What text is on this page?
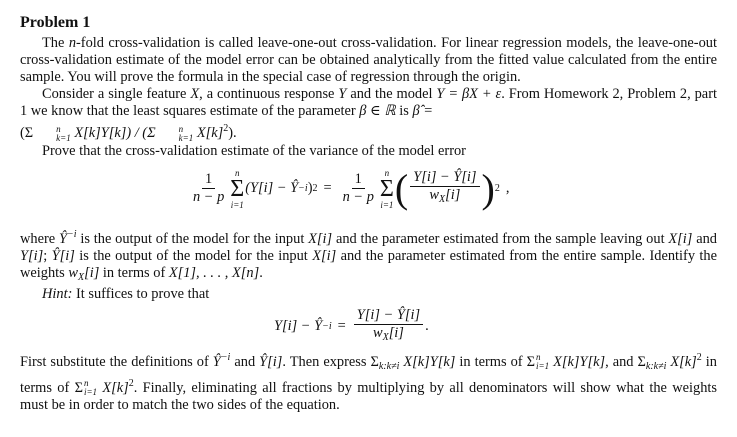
Problem 1

The n-fold cross-validation is called leave-one-out cross-validation. For linear regression models, the leave-one-out cross-validation estimate of the model error can be obtained analytically from the fitted value calculated from the entire sample. You will prove the formula in the special case of regression through the origin.

Consider a single feature X, a continuous response Y and the model Y = βX + ε. From Homework 2, Problem 2, part 1 we know that the least squares estimate of the parameter β ∈ ℝ is β̂ =
(Σ	n
k=1 X[k]Y[k]) / (Σ	n
k=1 $X[k]^2$).

Prove that the cross-validation estimate of the variance of the model error

$\frac{1}{n - p}$ n
Σ
i=1
(Y[i] − Ŷ −i ) $2 = \frac{1}{n - p}$ n
Σ
i=1 ( $\frac{Y[i] - Ŷ[i]}{w_X[i]}$ ) 2 ,

where $Ŷ^{-i}$ is the output of the model for the input X[i] and the parameter estimated from the sample leaving out X[i] and Y[i]; Ŷ[i] is the output of the model for the input X[i] and the parameter estimated from the entire sample. Identify the weights $w_X[i]$ in terms of X[1], . . . , X[n].

Hint: It suffices to prove that

Y[i] − Ŷ $-i = \frac{Y[i] - Ŷ[i]}{w_X[i]}$ .

First substitute the definitions of $Ŷ^{-i}$ and Ŷ[i]. Then express $\Sigma_{k:k\ne i}$ X[k]Y[k] in terms of Σ n
i=1 X[k]Y[k], and $\Sigma_{k:k\ne i}$ $X[k]^2$ in terms of Σ n
i=1 $X[k]^2$. Finally, eliminating all fractions by multiplying by all denominators will show what the weights must be in order to match the two sides of the equation.
